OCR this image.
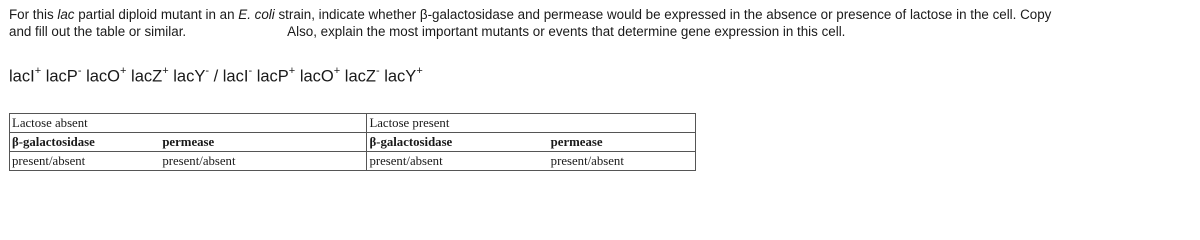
For this lac partial diploid mutant in an E. coli strain, indicate whether β-galactosidase and permease would be expressed in the absence or presence of lactose in the cell. Copy
and fill out the table or similar.	Also, explain the most important mutants or events that determine gene expression in this cell.
lacI+ lacP- lacO+ lacZ+ lacY- / lacI- lacP+ lacO+ lacZ- lacY+
Lactose absent		Lactose present	
β-galactosidase	permease	β-galactosidase	permease
present/absent	present/absent	present/absent	present/absent
